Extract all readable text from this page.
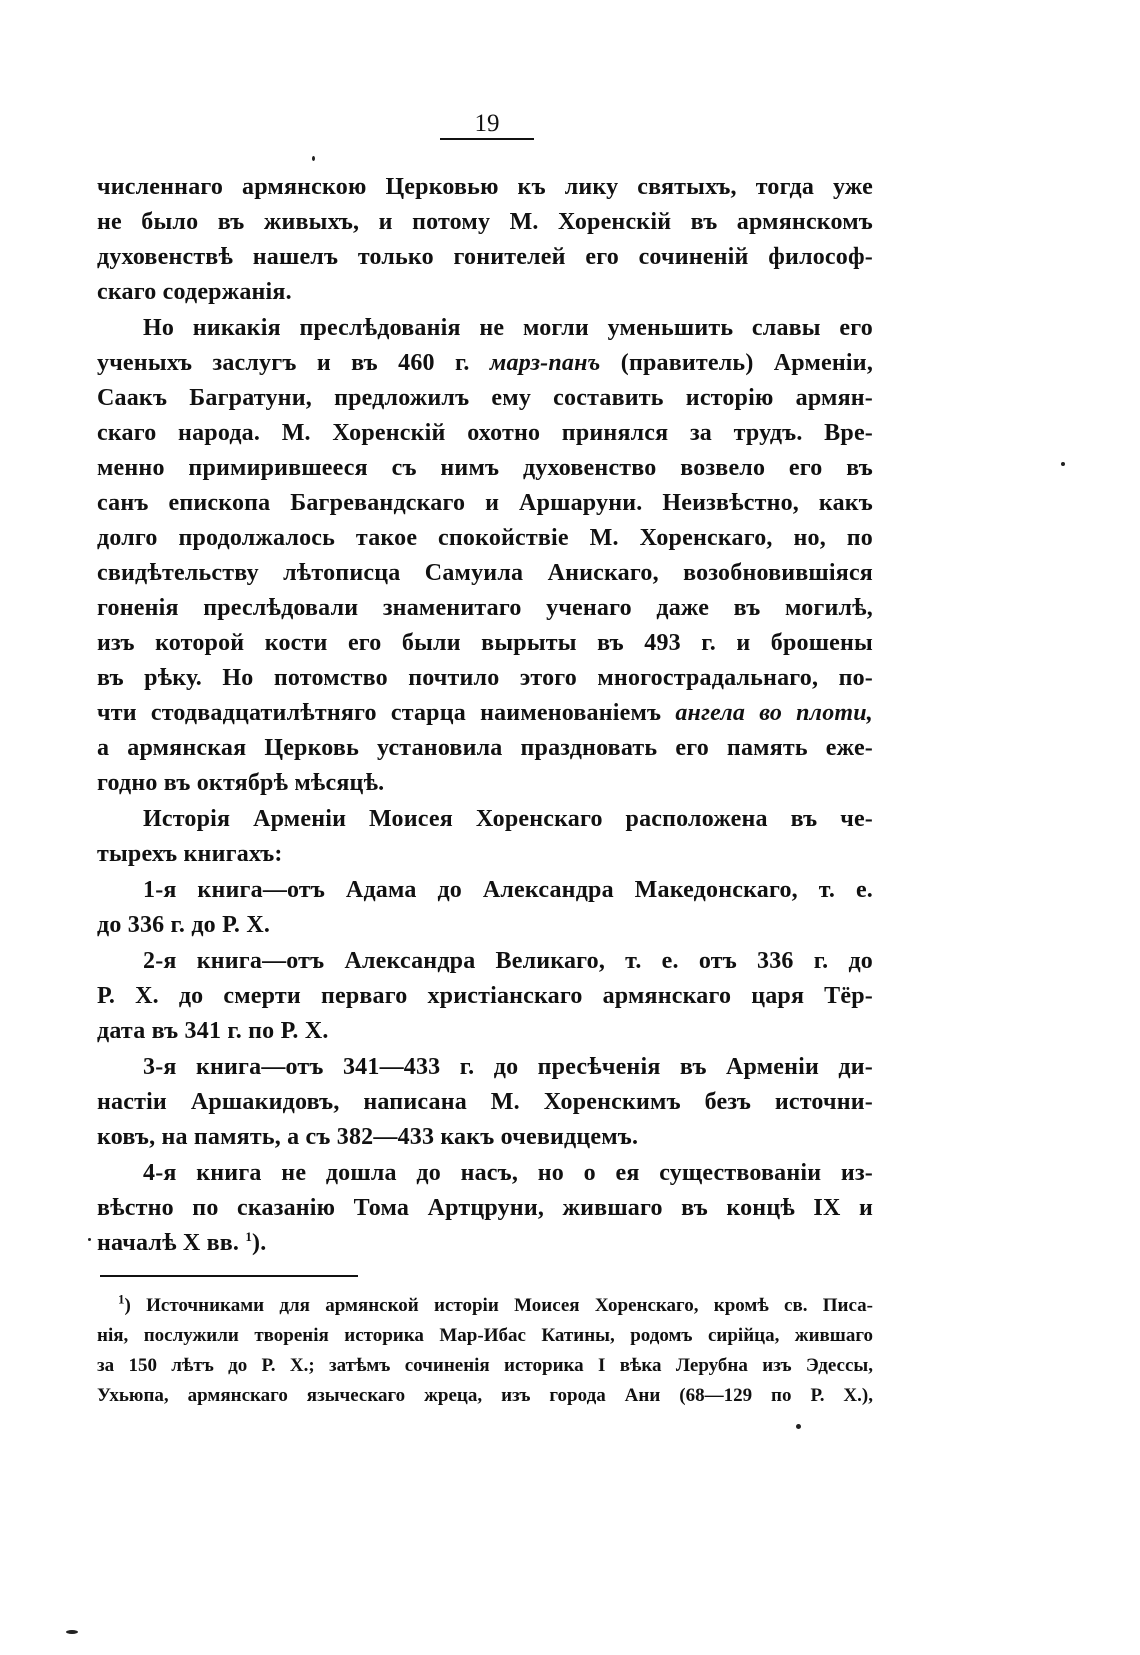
19
численнаго армянскою Церковью къ лику святыхъ, тогда уже
не было въ живыхъ, и потому М. Хоренскій въ армянскомъ
духовенствѣ нашелъ только гонителей его сочиненій философ-
скаго содержанія.
Но никакія преслѣдованія не могли уменьшить славы его
ученыхъ заслугъ и въ 460 г. марз-панъ (правитель) Арменіи,
Саакъ Багратуни, предложилъ ему составить исторію армян-
скаго народа. М. Хоренскій охотно принялся за трудъ. Вре-
менно примирившееся съ нимъ духовенство возвело его въ
санъ епископа Багревандскаго и Аршаруни. Неизвѣстно, какъ
долго продолжалось такое спокойствіе М. Хоренскаго, но, по
свидѣтельству лѣтописца Самуила Анискаго, возобновившіяся
гоненія преслѣдовали знаменитаго ученаго даже въ могилѣ,
изъ которой кости его были вырыты въ 493 г. и брошены
въ рѣку. Но потомство почтило этого многострадальнаго, по-
чти стодвадцатилѣтняго старца наименованіемъ ангела во плоти,
а армянская Церковь установила праздновать его память еже-
годно въ октябрѣ мѣсяцѣ.
Исторія Арменіи Моисея Хоренскаго расположена въ че-
тырехъ книгахъ:
1-я книга—отъ Адама до Александра Македонскаго, т. е.
до 336 г. до Р. Х.
2-я книга—отъ Александра Великаго, т. е. отъ 336 г. до
Р. Х. до смерти перваго христіанскаго армянскаго царя Тёр-
дата въ 341 г. по Р. Х.
3-я книга—отъ 341—433 г. до пресѣченія въ Арменіи ди-
настіи Аршакидовъ, написана М. Хоренскимъ безъ источни-
ковъ, на память, а съ 382—433 какъ очевидцемъ.
4-я книга не дошла до насъ, но о ея существованіи из-
вѣстно по сказанію Тома Артцруни, жившаго въ концѣ IX и
началѣ X вв. $^1$).
$^1$) Источниками для армянской исторіи Моисея Хоренскаго, кромѣ св. Писа-
нія, послужили творенія историка Мар-Ибас Катины, родомъ сирійца, жившаго
за 150 лѣтъ до Р. Х.; затѣмъ сочиненія историка I вѣка Лерубна изъ Эдессы,
Ухьюпа, армянскаго языческаго жреца, изъ города Ани (68—129 по Р. Х.),
